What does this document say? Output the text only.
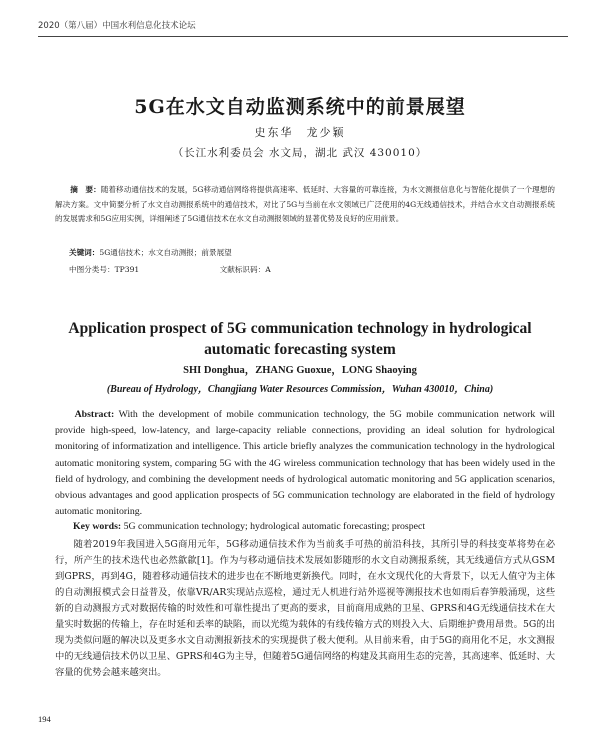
2020（第八届）中国水利信息化技术论坛
5G在水文自动监测系统中的前景展望
史东华　龙少颖
（长江水利委员会 水文局，湖北 武汉 430010）
摘　要：随着移动通信技术的发展，5G移动通信网络将提供高速率、低延时、大容量的可靠连接，为水文测报信息化与智能化提供了一个理想的解决方案。文中简要分析了水文自动测报系统中的通信技术，对比了5G与当前在水文领域已广泛使用的4G无线通信技术，并结合水文自动测报系统的发展需求和5G应用实例，详细阐述了5G通信技术在水文自动测报领域的显著优势及良好的应用前景。
关键词：5G通信技术；水文自动测报；前景展望
中图分类号：TP391	文献标识码：A
Application prospect of 5G communication technology in hydrological automatic forecasting system
SHI Donghua，ZHANG Guoxue，LONG Shaoying
(Bureau of Hydrology，Changjiang Water Resources Commission，Wuhan 430010，China)
Abstract: With the development of mobile communication technology, the 5G mobile communication network will provide high-speed, low-latency, and large-capacity reliable connections, providing an ideal solution for hydrological monitoring of informatization and intelligence. This article briefly analyzes the communication technology in the hydrological automatic monitoring system, comparing 5G with the 4G wireless communication technology that has been widely used in the field of hydrology, and combining the development needs of hydrological automatic monitoring and 5G application scenarios, obvious advantages and good application prospects of 5G communication technology are elaborated in the field of hydrology automatic monitoring.
Key words: 5G communication technology; hydrological automatic forecasting; prospect
随着2019年我国进入5G商用元年，5G移动通信技术作为当前炙手可热的前沿科技，其所引导的科技变革将势在必行，所产生的技术迭代也必然歙歙[1]。作为与移动通信技术发展如影随形的水文自动测报系统，其无线通信方式从GSM到GPRS，再到4G，随着移动通信技术的进步也在不断地更新换代。同时，在水文现代化的大背景下，以无人值守为主体的自动测报模式会日益普及，依靠VR/AR实现站点巡检，通过无人机进行站外巡视等测报技术也如雨后春笋般涌现，这些新的自动测报方式对数据传输的时效性和可靠性提出了更高的要求，目前商用成熟的卫星、GPRS和4G无线通信技术在大量实时数据的传输上，存在时延和丢率的缺陷，而以光缆为载体的有线传输方式的则投入大、后期维护费用昂贵。5G的出现为类似问题的解决以及更多水文自动测报新技术的实现提供了极大便利。从目前来看，由于5G的商用化不足，水文测报中的无线通信技术仍以卫星、GPRS和4G为主导，但随着5G通信网络的构建及其商用生态的完善，其高速率、低延时、大容量的优势会越来越突出。
194
